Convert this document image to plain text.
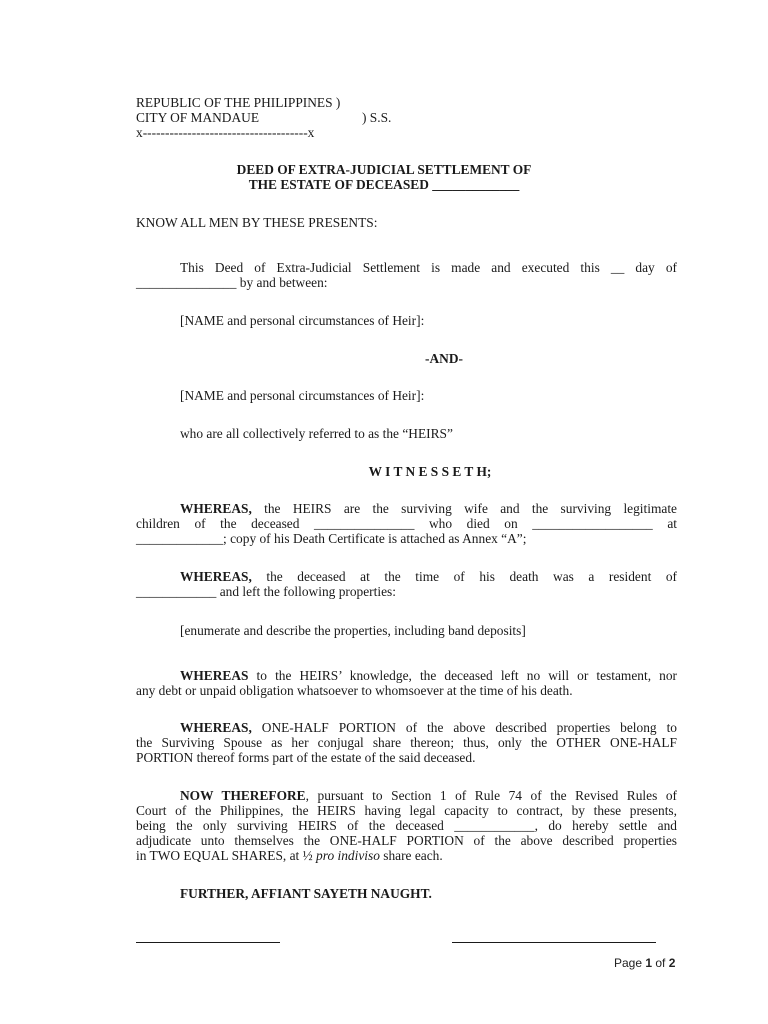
REPUBLIC OF THE PHILIPPINES )
CITY OF MANDAUE	) S.S.
x-------------------------------------x
DEED OF EXTRA-JUDICIAL SETTLEMENT OF
THE ESTATE OF DECEASED _____________
KNOW ALL MEN BY THESE PRESENTS:
This Deed of Extra-Judicial Settlement is made and executed this __ day of
_______________ by and between:
[NAME and personal circumstances of Heir]:
-AND-
[NAME and personal circumstances of Heir]:
who are all collectively referred to as the “HEIRS”
W I T N E S S E T H;
WHEREAS, the HEIRS are the surviving wife and the surviving legitimate
children of the deceased _______________ who died on __________________ at
_____________; copy of his Death Certificate is attached as Annex “A”;
WHEREAS, the deceased at the time of his death was a resident of
____________ and left the following properties:
[enumerate and describe the properties, including band deposits]
WHEREAS to the HEIRS’ knowledge, the deceased left no will or testament, nor
any debt or unpaid obligation whatsoever to whomsoever at the time of his death.
WHEREAS, ONE-HALF PORTION of the above described properties belong to
the Surviving Spouse as her conjugal share thereon; thus, only the OTHER ONE-HALF
PORTION thereof forms part of the estate of the said deceased.
NOW THEREFORE, pursuant to Section 1 of Rule 74 of the Revised Rules of
Court of the Philippines, the HEIRS having legal capacity to contract, by these presents,
being the only surviving HEIRS of the deceased ____________, do hereby settle and
adjudicate unto themselves the ONE-HALF PORTION of the above described properties
in TWO EQUAL SHARES, at ½ pro indiviso share each.
FURTHER, AFFIANT SAYETH NAUGHT.
Page 1 of 2
